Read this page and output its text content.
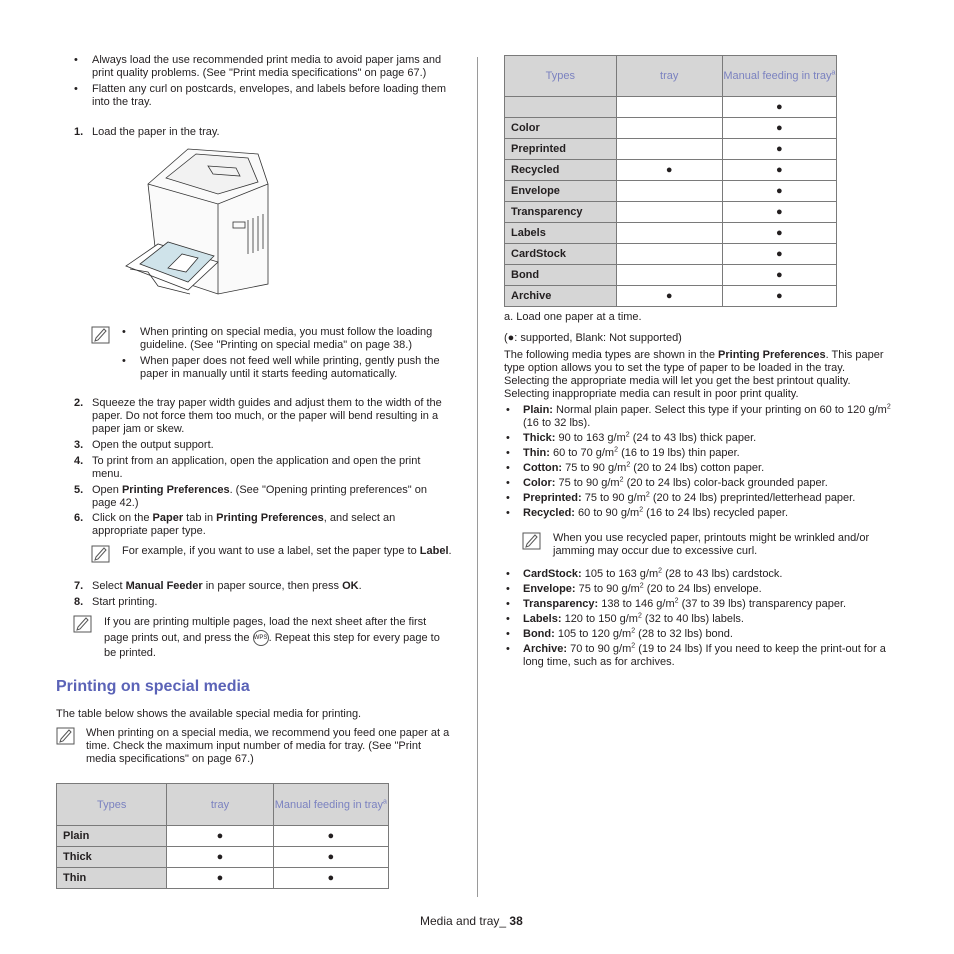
• Always load the use recommended print media to avoid paper jams and print quality problems. (See "Print media specifications" on page 67.)
• Flatten any curl on postcards, envelopes, and labels before loading them into the tray.
1. Load the paper in the tray.
• When printing on special media, you must follow the loading guideline. (See "Printing on special media" on page 38.)
• When paper does not feed well while printing, gently push the paper in manually until it starts feeding automatically.
2. Squeeze the tray paper width guides and adjust them to the width of the paper. Do not force them too much, or the paper will bend resulting in a paper jam or skew.
3. Open the output support.
4. To print from an application, open the application and open the print menu.
5. Open Printing Preferences. (See "Opening printing preferences" on page 42.)
6. Click on the Paper tab in Printing Preferences, and select an appropriate paper type.
For example, if you want to use a label, set the paper type to Label.
7. Select Manual Feeder in paper source, then press OK.
8. Start printing.
If you are printing multiple pages, load the next sheet after the first page prints out, and press the WPS. Repeat this step for every page to be printed.
Printing on special media
The table below shows the available special media for printing.
When printing on a special media, we recommend you feed one paper at a time. Check the maximum input number of media for tray. (See "Print media specifications" on page 67.)
Types	tray	Manual feeding in tray$^a$
Plain	●	●
Thick	●	●
Thin	●	●
Types	tray	Manual feeding in tray$^a$
		●
Color		●
Preprinted		●
Recycled	●	●
Envelope		●
Transparency		●
Labels		●
CardStock		●
Bond		●
Archive	●	●
a. Load one paper at a time.
(●: supported, Blank: Not supported)
The following media types are shown in the Printing Preferences. This paper type option allows you to set the type of paper to be loaded in the tray. Selecting the appropriate media will let you get the best printout quality. Selecting inappropriate media can result in poor print quality.
• Plain: Normal plain paper. Select this type if your printing on 60 to 120 $g/m^2$ (16 to 32 lbs).
• Thick: 90 to 163 $g/m^2$ (24 to 43 lbs) thick paper.
• Thin: 60 to 70 $g/m^2$ (16 to 19 lbs) thin paper.
• Cotton: 75 to 90 $g/m^2$ (20 to 24 lbs) cotton paper.
• Color: 75 to 90 $g/m^2$ (20 to 24 lbs) color-back grounded paper.
• Preprinted: 75 to 90 $g/m^2$ (20 to 24 lbs) preprinted/letterhead paper.
• Recycled: 60 to 90 $g/m^2$ (16 to 24 lbs) recycled paper.
When you use recycled paper, printouts might be wrinkled and/or jamming may occur due to excessive curl.
• CardStock: 105 to 163 $g/m^2$ (28 to 43 lbs) cardstock.
• Envelope: 75 to 90 $g/m^2$ (20 to 24 lbs) envelope.
• Transparency: 138 to 146 $g/m^2$ (37 to 39 lbs) transparency paper.
• Labels: 120 to 150 $g/m^2$ (32 to 40 lbs) labels.
• Bond: 105 to 120 $g/m^2$ (28 to 32 lbs) bond.
• Archive: 70 to 90 $g/m^2$ (19 to 24 lbs) If you need to keep the print-out for a long time, such as for archives.
Media and tray_ 38
